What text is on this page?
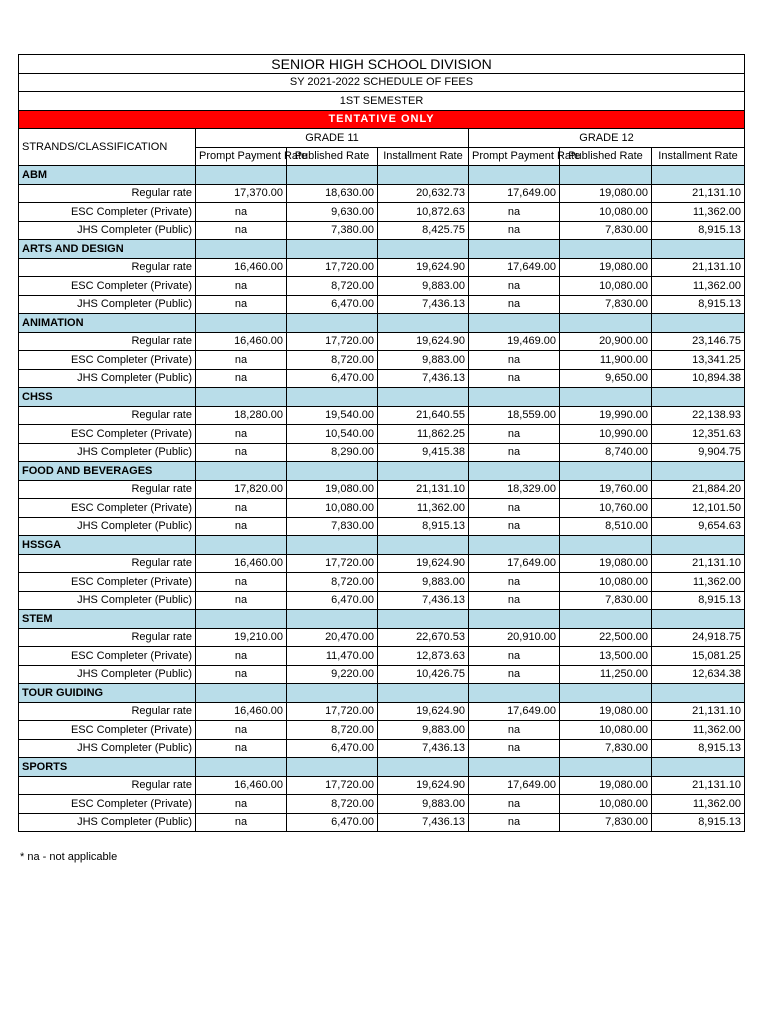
SENIOR HIGH SCHOOL DIVISION						
SY 2021-2022 SCHEDULE OF FEES						
1ST SEMESTER						
TENTATIVE ONLY						
STRANDS/CLASSIFICATION	GRADE 11			GRADE 12		
	Prompt Payment Rate	Published Rate	Installment Rate	Prompt Payment Rate	Published Rate	Installment Rate
ABM						
Regular rate	17,370.00	18,630.00	20,632.73	17,649.00	19,080.00	21,131.10
ESC Completer (Private)	na	9,630.00	10,872.63	na	10,080.00	11,362.00
JHS Completer (Public)	na	7,380.00	8,425.75	na	7,830.00	8,915.13
ARTS AND DESIGN						
Regular rate	16,460.00	17,720.00	19,624.90	17,649.00	19,080.00	21,131.10
ESC Completer (Private)	na	8,720.00	9,883.00	na	10,080.00	11,362.00
JHS Completer (Public)	na	6,470.00	7,436.13	na	7,830.00	8,915.13
ANIMATION						
Regular rate	16,460.00	17,720.00	19,624.90	19,469.00	20,900.00	23,146.75
ESC Completer (Private)	na	8,720.00	9,883.00	na	11,900.00	13,341.25
JHS Completer (Public)	na	6,470.00	7,436.13	na	9,650.00	10,894.38
CHSS						
Regular rate	18,280.00	19,540.00	21,640.55	18,559.00	19,990.00	22,138.93
ESC Completer (Private)	na	10,540.00	11,862.25	na	10,990.00	12,351.63
JHS Completer (Public)	na	8,290.00	9,415.38	na	8,740.00	9,904.75
FOOD AND BEVERAGES						
Regular rate	17,820.00	19,080.00	21,131.10	18,329.00	19,760.00	21,884.20
ESC Completer (Private)	na	10,080.00	11,362.00	na	10,760.00	12,101.50
JHS Completer (Public)	na	7,830.00	8,915.13	na	8,510.00	9,654.63
HSSGA						
Regular rate	16,460.00	17,720.00	19,624.90	17,649.00	19,080.00	21,131.10
ESC Completer (Private)	na	8,720.00	9,883.00	na	10,080.00	11,362.00
JHS Completer (Public)	na	6,470.00	7,436.13	na	7,830.00	8,915.13
STEM						
Regular rate	19,210.00	20,470.00	22,670.53	20,910.00	22,500.00	24,918.75
ESC Completer (Private)	na	11,470.00	12,873.63	na	13,500.00	15,081.25
JHS Completer (Public)	na	9,220.00	10,426.75	na	11,250.00	12,634.38
TOUR GUIDING						
Regular rate	16,460.00	17,720.00	19,624.90	17,649.00	19,080.00	21,131.10
ESC Completer (Private)	na	8,720.00	9,883.00	na	10,080.00	11,362.00
JHS Completer (Public)	na	6,470.00	7,436.13	na	7,830.00	8,915.13
SPORTS						
Regular rate	16,460.00	17,720.00	19,624.90	17,649.00	19,080.00	21,131.10
ESC Completer (Private)	na	8,720.00	9,883.00	na	10,080.00	11,362.00
JHS Completer (Public)	na	6,470.00	7,436.13	na	7,830.00	8,915.13
* na - not applicable
